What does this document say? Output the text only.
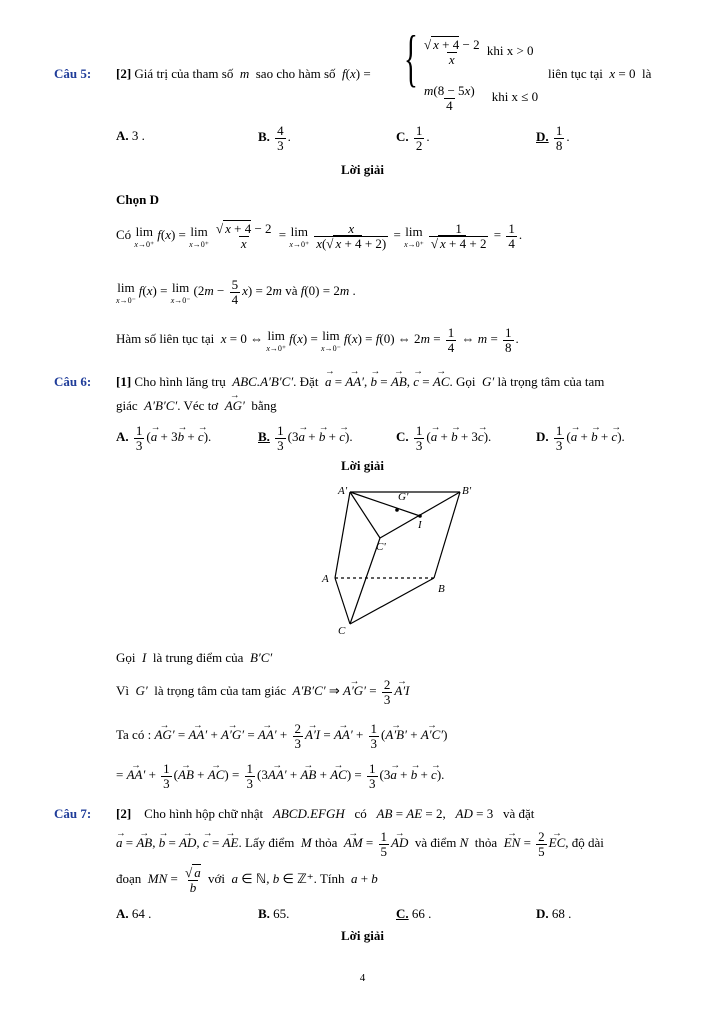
Câu 5: [2] Giá trị của tham số  m  sao cho hàm số  f(x) = { $\frac{√ x + 4 - 2}{x}$ khi x > 0
$\frac{m(8 - 5x)}{4}$ khi x ≤ 0
liên tục tại  x = 0  là
A. 3 .	B. $\frac{4}{3}$ .	C. $\frac{1}{2}$ .	D. $\frac{1}{8}$ .
Lời giải
Chọn D
Có lim
x→0⁺
f(x) = lim
$x\to 0^+ \frac{√ x + 4 - 2}{x} = \lim$
$x\to 0^+ \frac{x}{x(√ x + 4 + 2)} = \lim$
$x\to 0^+ \frac{1}{√ x + 4 + 2} = \frac{1}{4}$ .
lim
x→0⁻
f(x) = lim
x→0⁻
$(2m - \frac{5}{4} x) = 2m$ và f(0) = 2m .
Hàm số liên tục tại  x = 0 ⇔ lim
x→0⁺
f(x) = lim
x→0⁻
f(x) = f(0) ⇔ $2m = \frac{1}{4}$ ⇔ $m = \frac{1}{8}$ .
Câu 6: [1] Cho hình lăng trụ  ABC.A′B′C′. Đặt  → a = → AA′, → b = → AB, → c = → AC. Gọi  G′ là trọng tâm của tam
giác  A′B′C′. Véc tơ  → AG′ bằng
A. $\frac{1}{3}$ (→ a + 3→ b + → c).	B. $\frac{1}{3} (3\to a$ + → b + → c).	C. $\frac{1}{3}$ (→ a + → b + 3→ c).	D. $\frac{1}{3}$ (→ a + → b + → c).
Lời giải
A'	G'	B'
I
C'
A
B
C
Gọi  I  là trung điểm của  B′C′
Vì  G′  là trọng tâm của tam giác  A′B′C′ ⇒ → $A'G' = \frac{2}{3}$
→ A′I
Ta có : → AG′ = → AA′ + → A′G′ = → $AA' + \frac{2}{3}$
→ A′I = → $AA' + \frac{1}{3}$ (→ A′B′ + → A′C′)
= → $AA' + \frac{1}{3}$ (→ AB + → $AC) = \frac{1}{3} (3\to AA'$ + → AB + → $AC) = \frac{1}{3} (3\to a$ + → b + → c).
Câu 7: [2] Cho hình hộp chữ nhật ABCD.EFGH có AB = AE = 2,   AD = 3   và đặt
→ a = → AB, → b = → AD, → c = → AE. Lấy điểm  M thỏa  → AM = $\frac{1}{5}$
→ AD và điểm N  thỏa  → EN = $\frac{2}{5}$
→ EC, độ dài
đoạn  MN = $\frac{√ a}{b}$ với  a ∈ ℕ, b ∈ ℤ⁺. Tính  a + b
A. 64 .	B. 65.	C. 66 .	D. 68 .
Lời giải
4
